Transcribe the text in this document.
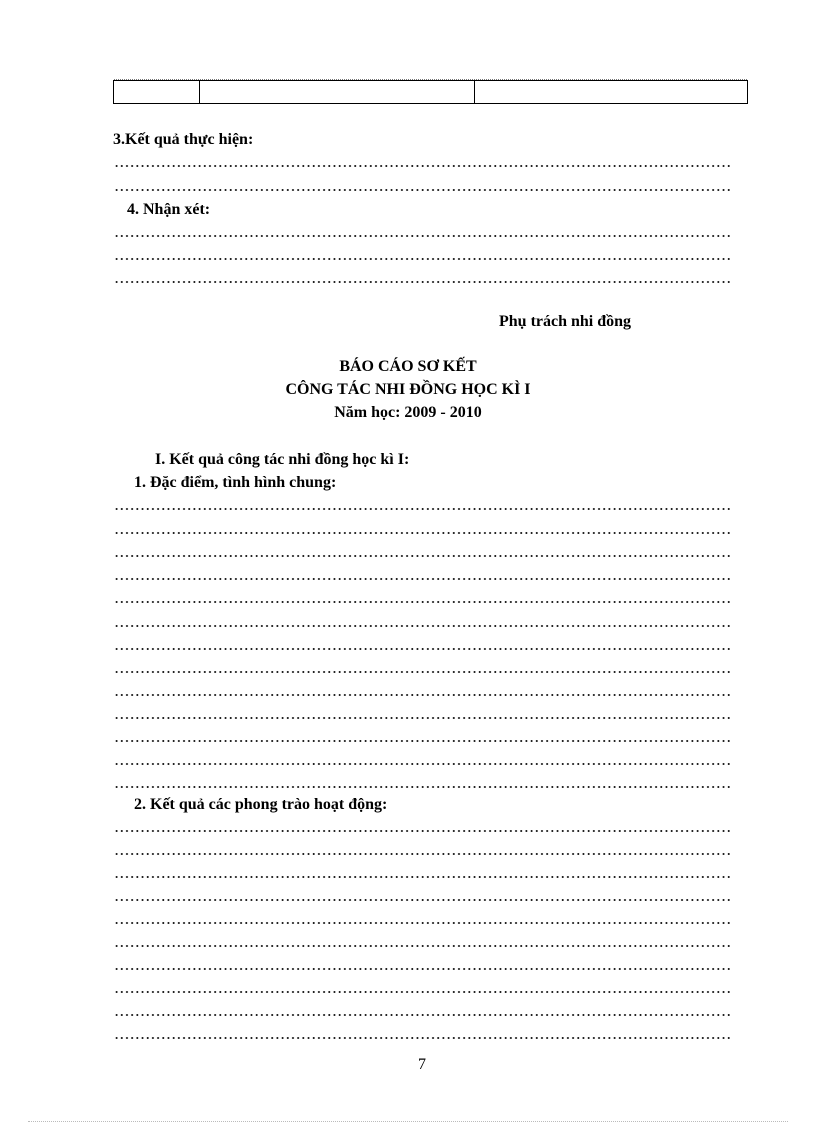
3.Kết quả thực hiện:
4. Nhận xét:
Phụ trách nhi đồng
BÁO CÁO SƠ KẾT
CÔNG TÁC NHI ĐỒNG HỌC KÌ I
Năm học: 2009 - 2010
I. Kết quả công tác nhi đồng học kì I:
1. Đặc điểm, tình hình chung:
2. Kết quả các phong trào hoạt động:
7
